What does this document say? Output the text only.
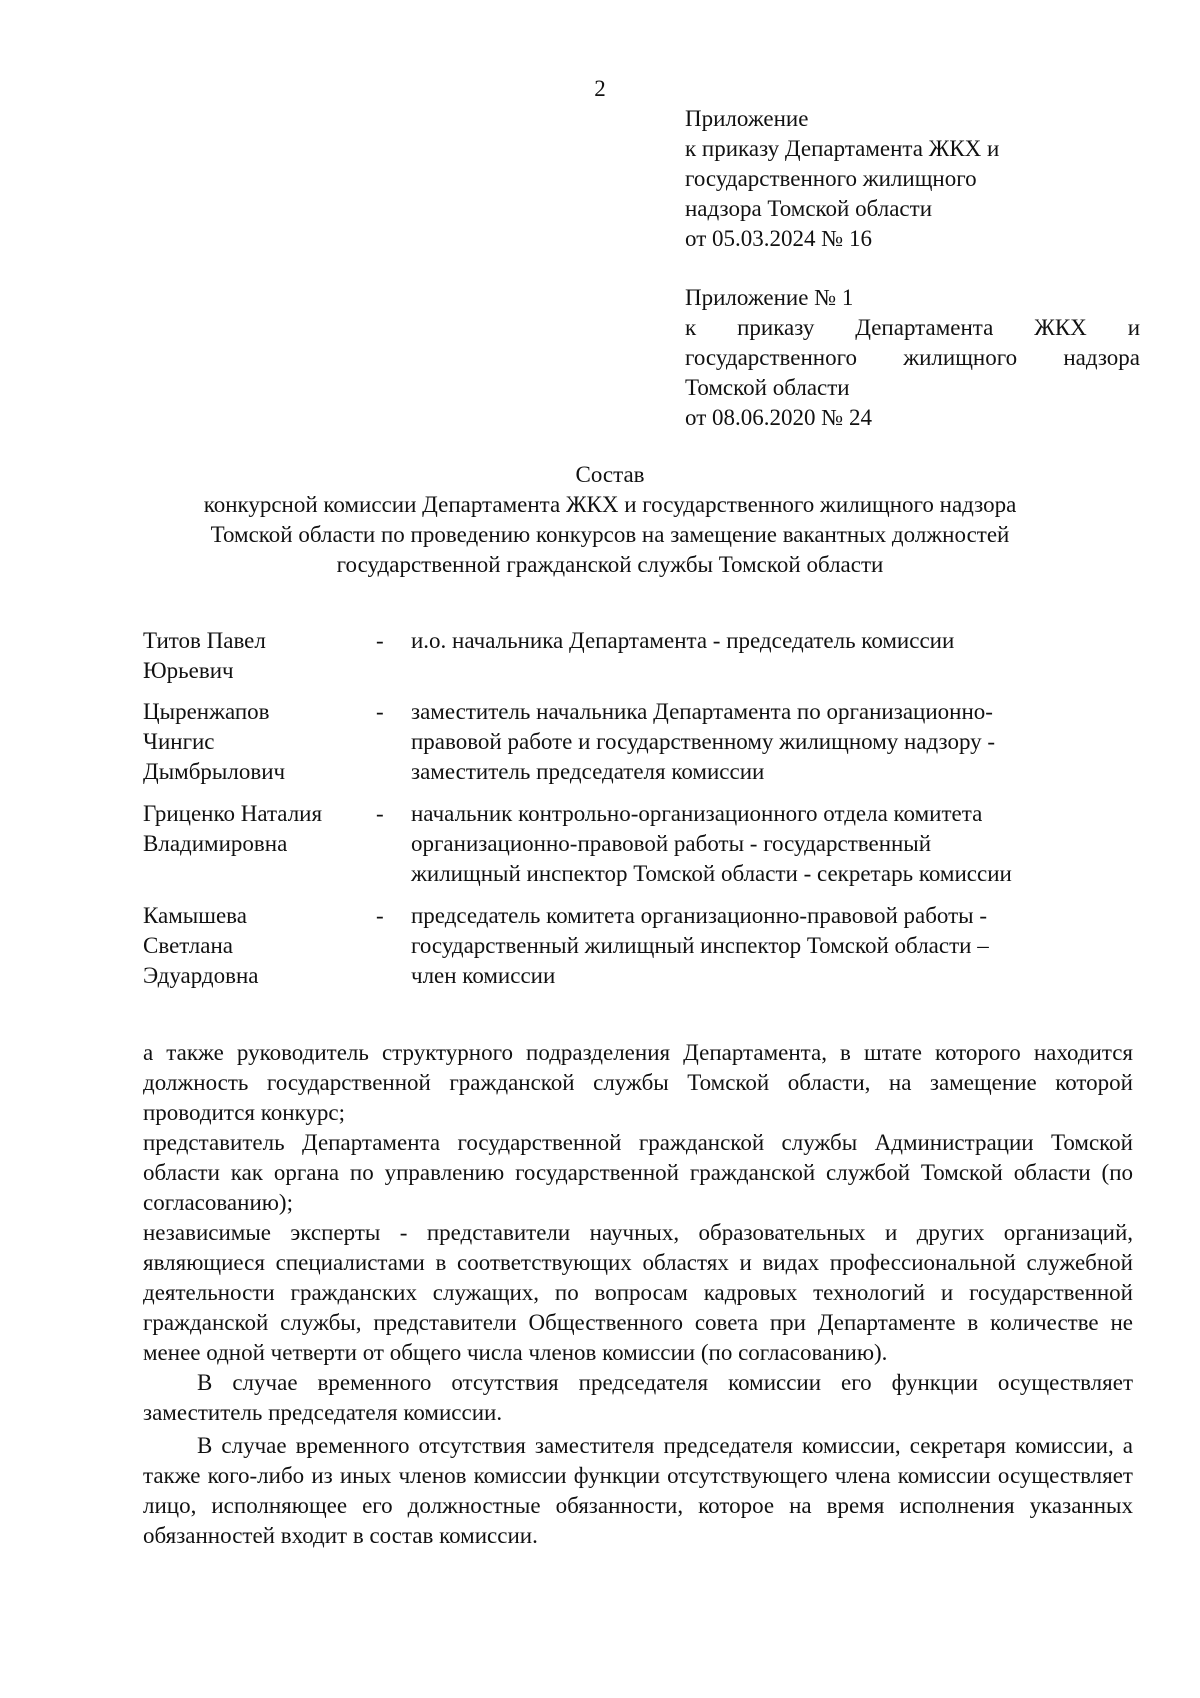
2
Приложение
к приказу Департамента ЖКХ и
государственного жилищного
надзора Томской области
от 05.03.2024 № 16
Приложение № 1
к приказу Департамента ЖКХ и
государственного жилищного надзора
Томской области
от 08.06.2020 № 24
Состав
конкурсной комиссии Департамента ЖКХ и государственного жилищного надзора
Томской области по проведению конкурсов на замещение вакантных должностей
государственной гражданской службы Томской области
Титов Павел
Юрьевич
- и.о. начальника Департамента - председатель комиссии
Цыренжапов
Чингис
Дымбрылович
- заместитель начальника Департамента по организационно-
правовой работе и государственному жилищному надзору -
заместитель председателя комиссии
Гриценко Наталия
Владимировна
- начальник контрольно-организационного отдела комитета
организационно-правовой работы - государственный
жилищный инспектор Томской области - секретарь комиссии
Камышева
Светлана
Эдуардовна
- председатель комитета организационно-правовой работы -
государственный жилищный инспектор Томской области –
член комиссии

а также руководитель структурного подразделения Департамента, в штате которого находится должность государственной гражданской службы Томской области, на замещение которой проводится конкурс;

представитель Департамента государственной гражданской службы Администрации Томской области как органа по управлению государственной гражданской службой Томской области (по согласованию);

независимые эксперты - представители научных, образовательных и других организаций, являющиеся специалистами в соответствующих областях и видах профессиональной служебной деятельности гражданских служащих, по вопросам кадровых технологий и государственной гражданской службы, представители Общественного совета при Департаменте в количестве не менее одной четверти от общего числа членов комиссии (по согласованию).

В случае временного отсутствия председателя комиссии его функции осуществляет заместитель председателя комиссии.

В случае временного отсутствия заместителя председателя комиссии, секретаря комиссии, а также кого-либо из иных членов комиссии функции отсутствующего члена комиссии осуществляет лицо, исполняющее его должностные обязанности, которое на время исполнения указанных обязанностей входит в состав комиссии.
